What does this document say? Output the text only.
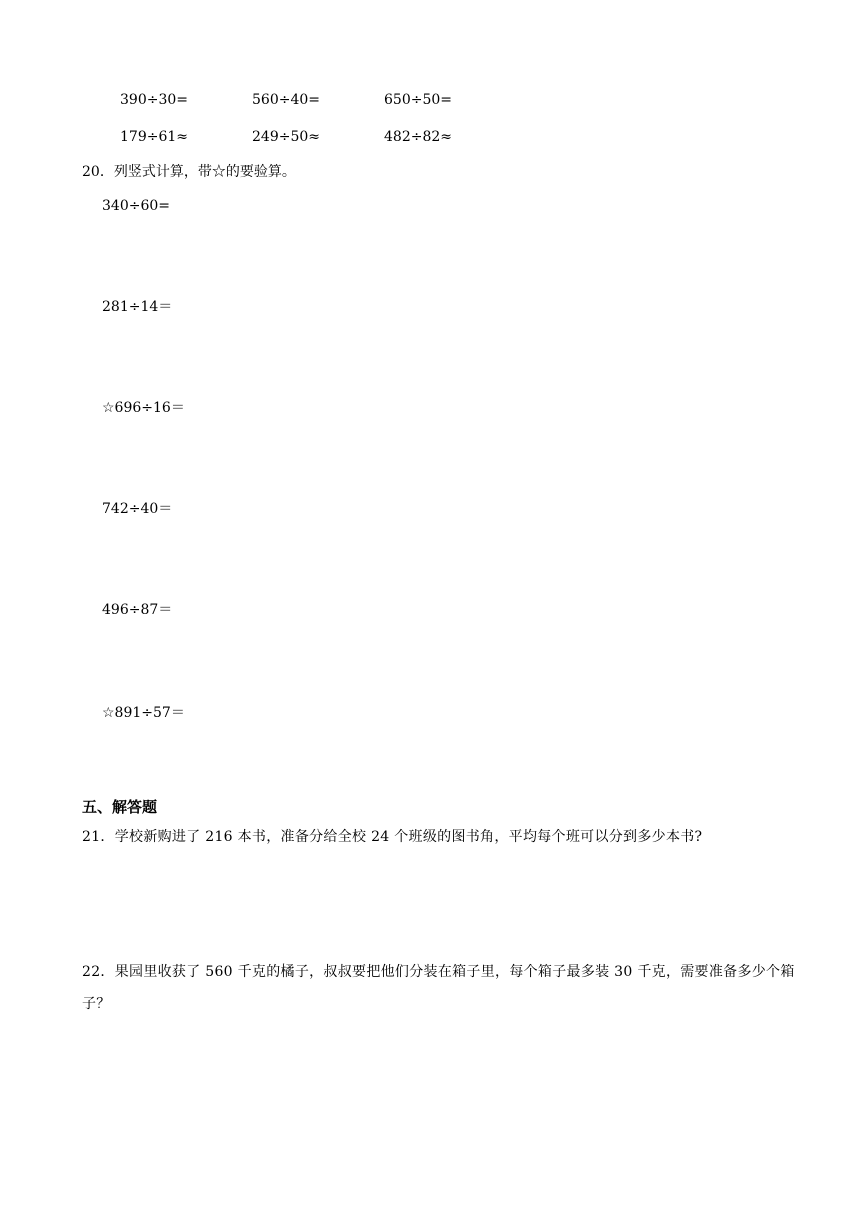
390÷30=	560÷40=	650÷50=
179÷61≈	249÷50≈	482÷82≈
20．列竖式计算，带☆的要验算。
340÷60=
281÷14＝
☆696÷16＝
742÷40＝
496÷87＝
☆891÷57＝
五、解答题
21．学校新购进了 216 本书，准备分给全校 24 个班级的图书角，平均每个班可以分到多少本书?
22．果园里收获了 560 千克的橘子，叔叔要把他们分装在箱子里，每个箱子最多装 30 千克，需要准备多少个箱子？
